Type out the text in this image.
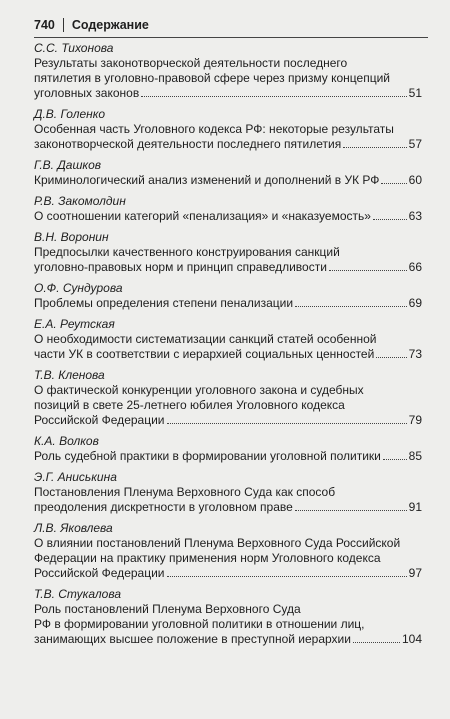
740 Содержание
С.С. Тихонова
Результаты законотворческой деятельности последнего
пятилетия в уголовно-правовой сфере через призму концепций
уголовных законов	51
Д.В. Голенко
Особенная часть Уголовного кодекса РФ: некоторые результаты
законотворческой деятельности последнего пятилетия	57
Г.В. Дашков
Криминологический анализ изменений и дополнений в УК РФ 60
Р.В. Закомолдин
О соотношении категорий «пенализация» и «наказуемость»	63
В.Н. Воронин
Предпосылки качественного конструирования санкций
уголовно-правовых норм и принцип справедливости	66
О.Ф. Сундурова
Проблемы определения степени пенализации	69
Е.А. Реутская
О необходимости систематизации санкций статей особенной
части УК в соответствии с иерархией социальных ценностей	73
Т.В. Кленова
О фактической конкуренции уголовного закона и судебных
позиций в свете 25-летнего юбилея Уголовного кодекса
Российской Федерации	79
К.А. Волков
Роль судебной практики в формировании уголовной политики 85
Э.Г. Аниськина
Постановления Пленума Верховного Суда как способ
преодоления дискретности в уголовном праве	91
Л.В. Яковлева
О влиянии постановлений Пленума Верховного Суда Российской
Федерации на практику применения норм Уголовного кодекса
Российской Федерации	97
Т.В. Стукалова
Роль постановлений Пленума Верховного Суда
РФ в формировании уголовной политики в отношении лиц,
занимающих высшее положение в преступной иерархии	104
